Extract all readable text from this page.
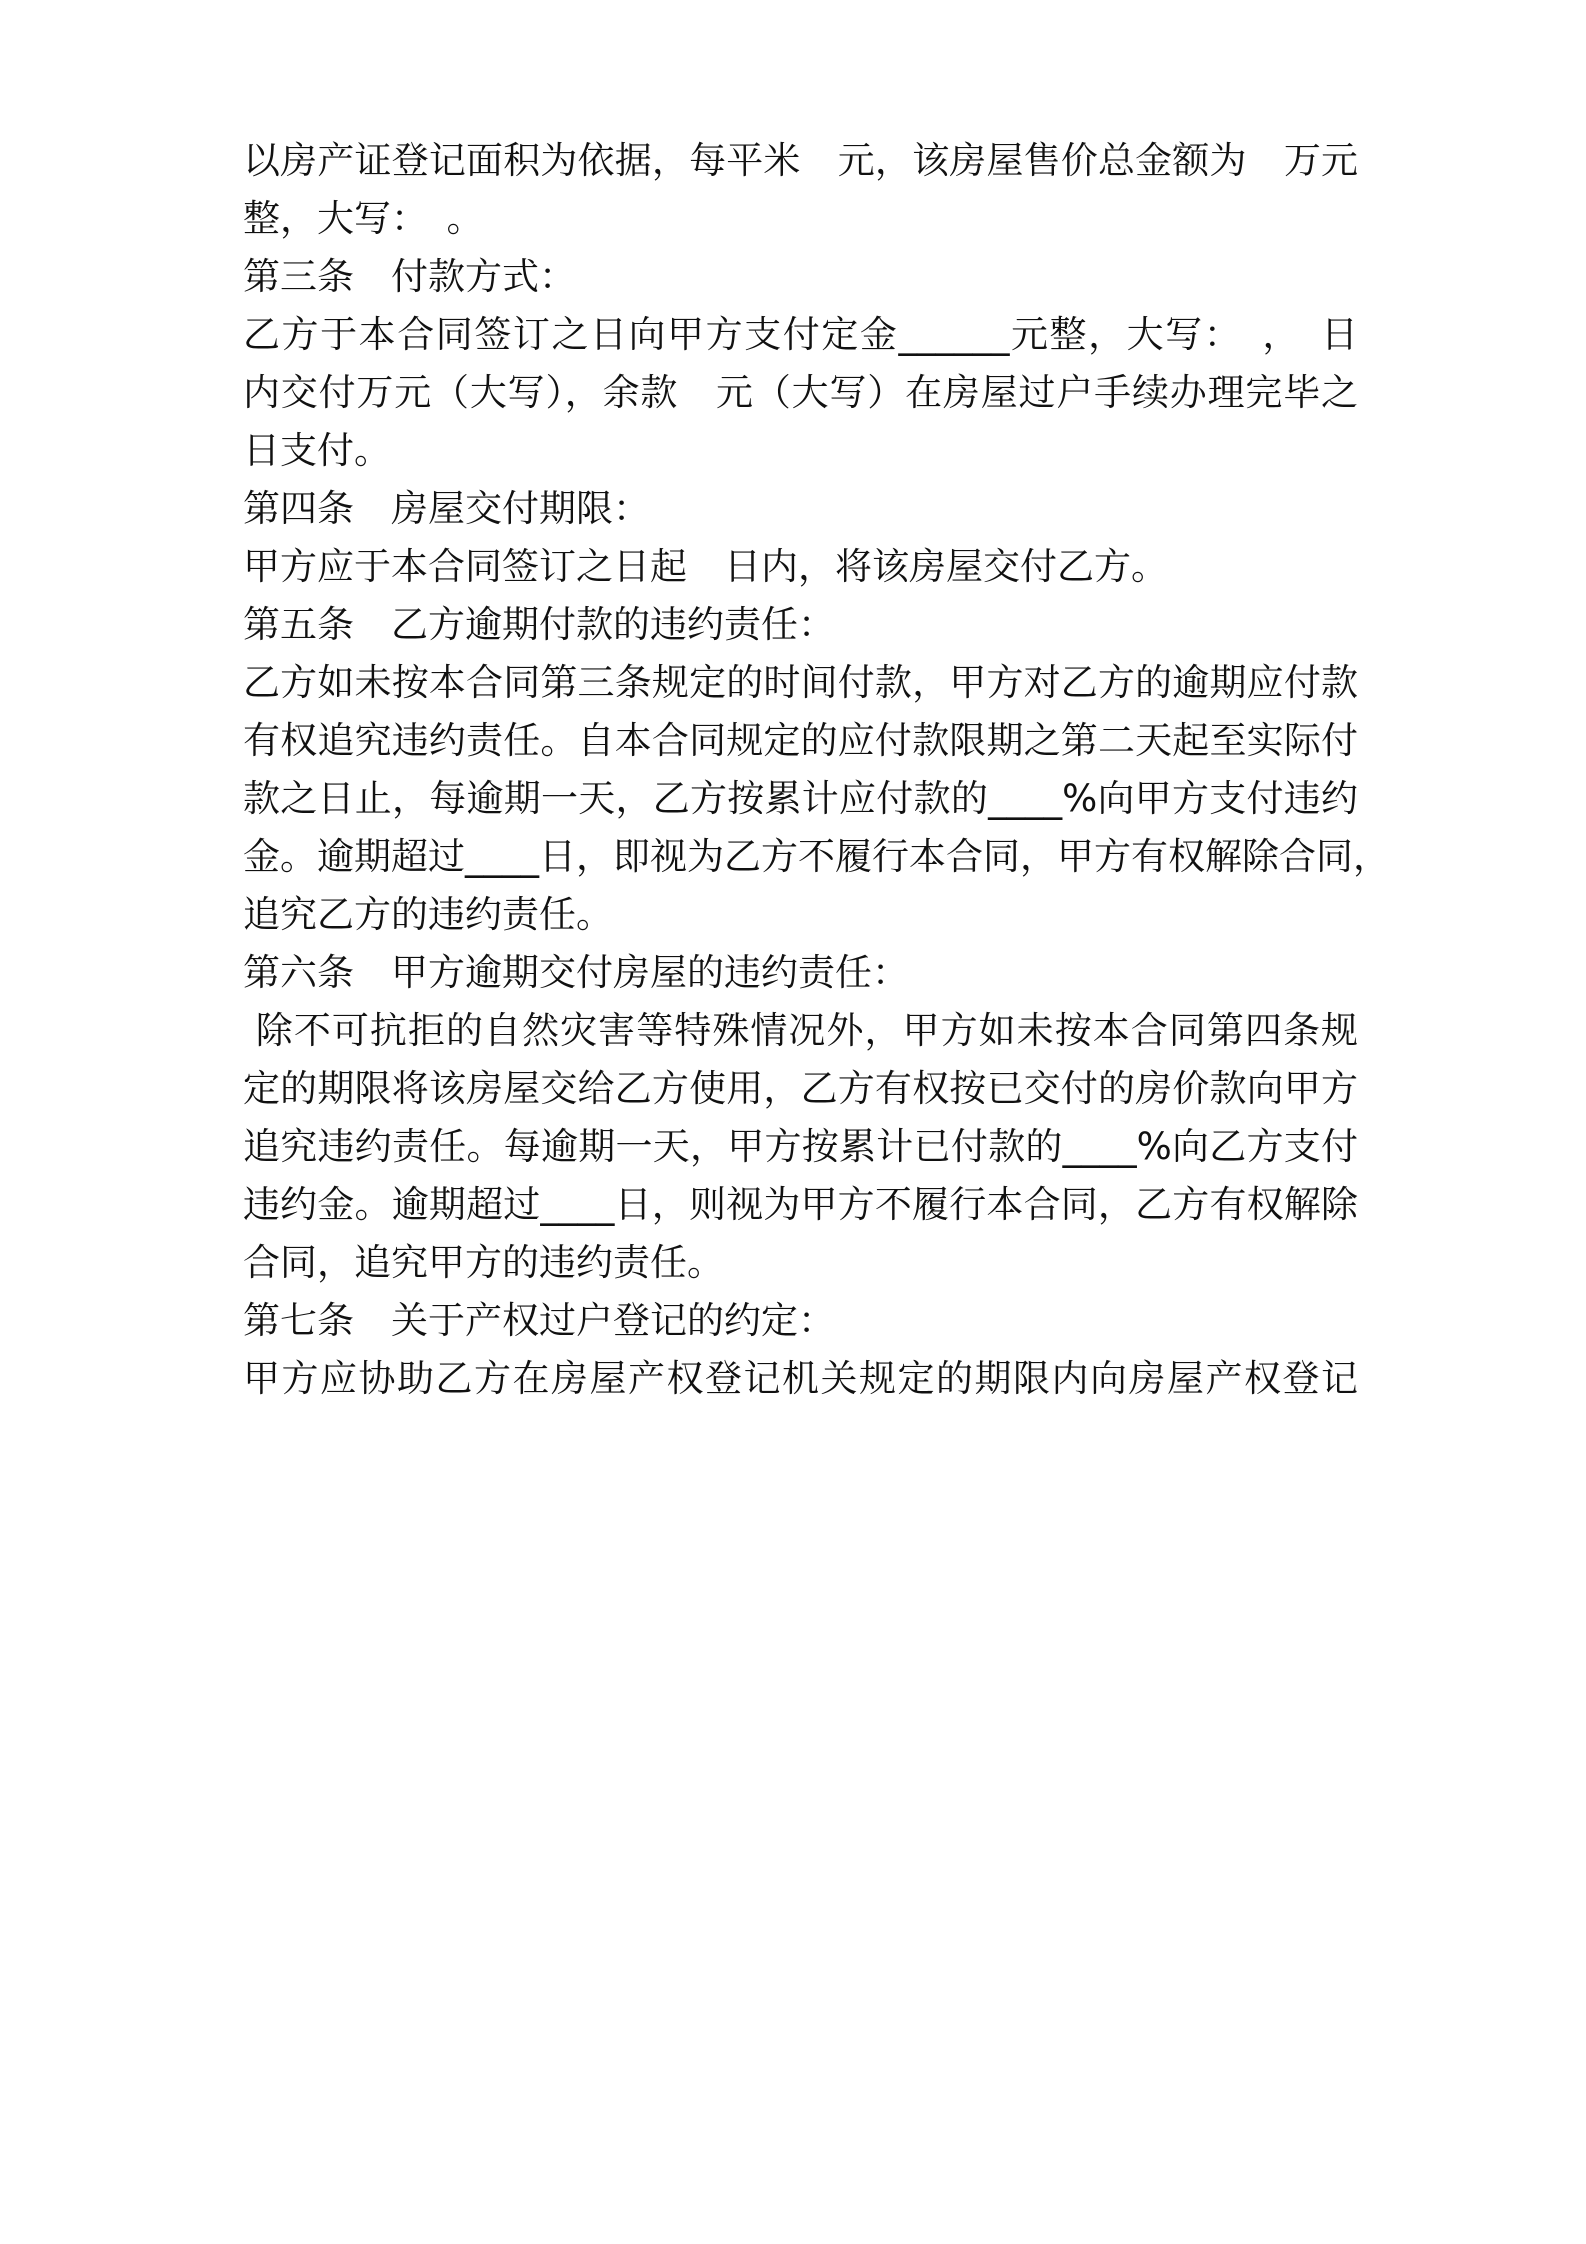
以房产证登记面积为依据，每平米　元，该房屋售价总金额为　万元
整，大写：　。
第三条　付款方式：
乙方于本合同签订之日向甲方支付定金______元整，大写：　，　日
内交付万元（大写），余款　元（大写）在房屋过户手续办理完毕之
日支付。
第四条　房屋交付期限：
甲方应于本合同签订之日起　日内，将该房屋交付乙方。
第五条　乙方逾期付款的违约责任：
乙方如未按本合同第三条规定的时间付款，甲方对乙方的逾期应付款
有权追究违约责任。自本合同规定的应付款限期之第二天起至实际付
款之日止，每逾期一天，乙方按累计应付款的____%向甲方支付违约
金。逾期超过____日，即视为乙方不履行本合同，甲方有权解除合同，
追究乙方的违约责任。
第六条　甲方逾期交付房屋的违约责任：
除不可抗拒的自然灾害等特殊情况外，甲方如未按本合同第四条规
定的期限将该房屋交给乙方使用，乙方有权按已交付的房价款向甲方
追究违约责任。每逾期一天，甲方按累计已付款的____%向乙方支付
违约金。逾期超过____日，则视为甲方不履行本合同，乙方有权解除
合同，追究甲方的违约责任。
第七条　关于产权过户登记的约定：
甲方应协助乙方在房屋产权登记机关规定的期限内向房屋产权登记
